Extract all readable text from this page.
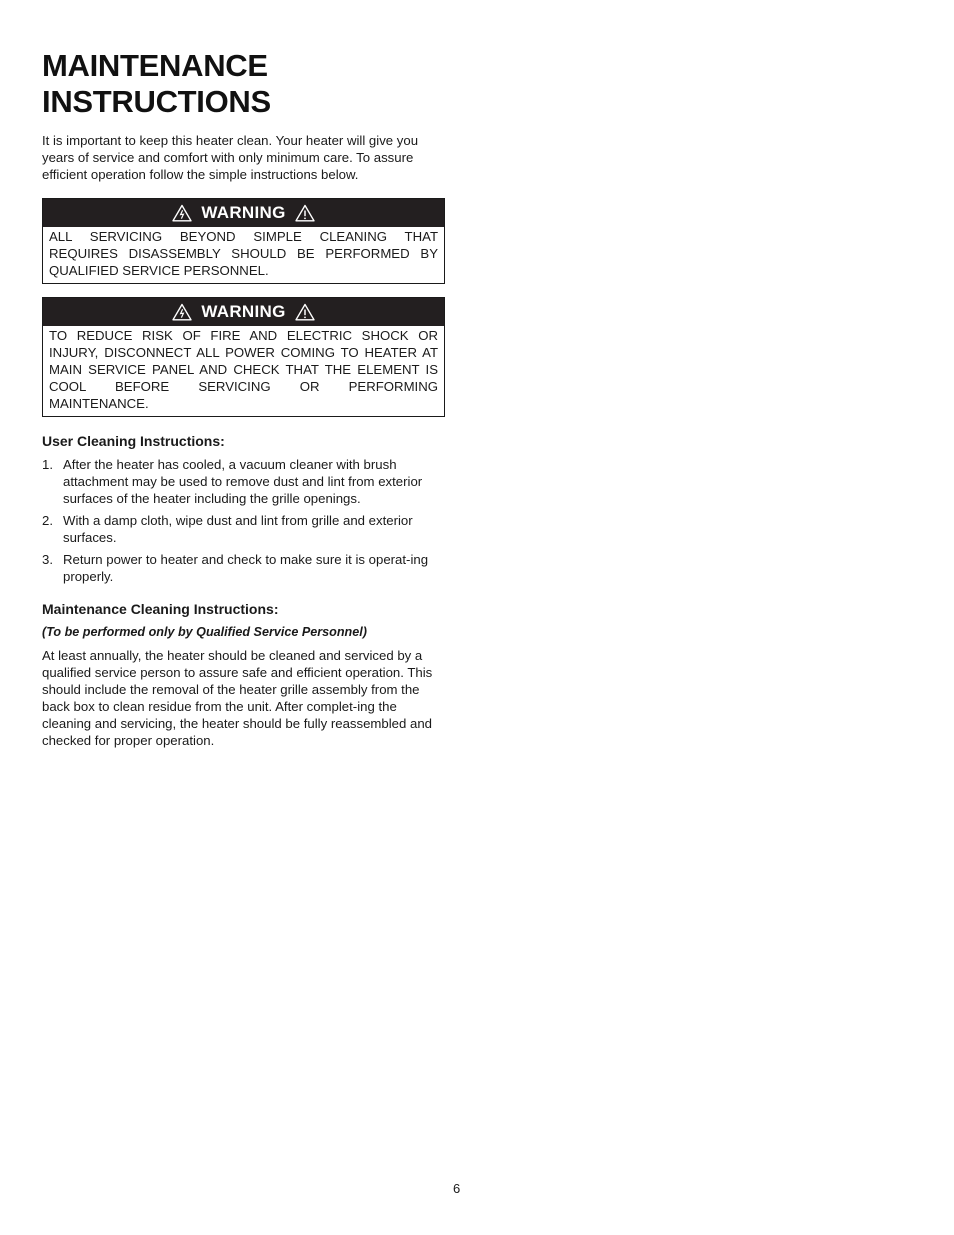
MAINTENANCE
INSTRUCTIONS

It is important to keep this heater clean. Your heater will give you years of service and comfort with only minimum care. To assure efficient operation follow the simple instructions below.

WARNING
ALL SERVICING BEYOND SIMPLE CLEANING THAT REQUIRES DISASSEMBLY SHOULD BE PERFORMED BY QUALIFIED SERVICE PERSONNEL.
WARNING
TO REDUCE RISK OF FIRE AND ELECTRIC SHOCK OR INJURY, DISCONNECT ALL POWER COMING TO HEATER AT MAIN SERVICE PANEL AND CHECK THAT THE ELEMENT IS COOL BEFORE SERVICING OR PERFORMING MAINTENANCE.
User Cleaning Instructions:
1. After the heater has cooled, a vacuum cleaner with brush attachment may be used to remove dust and lint from exterior surfaces of the heater including the grille openings.
2. With a damp cloth, wipe dust and lint from grille and exterior surfaces.
3. Return power to heater and check to make sure it is operat-ing properly.
Maintenance Cleaning Instructions:

(To be performed only by Qualified Service Personnel)

At least annually, the heater should be cleaned and serviced by a qualified service person to assure safe and efficient operation. This should include the removal of the heater grille assembly from the back box to clean residue from the unit. After complet-ing the cleaning and servicing, the heater should be fully reassembled and checked for proper operation.

6
